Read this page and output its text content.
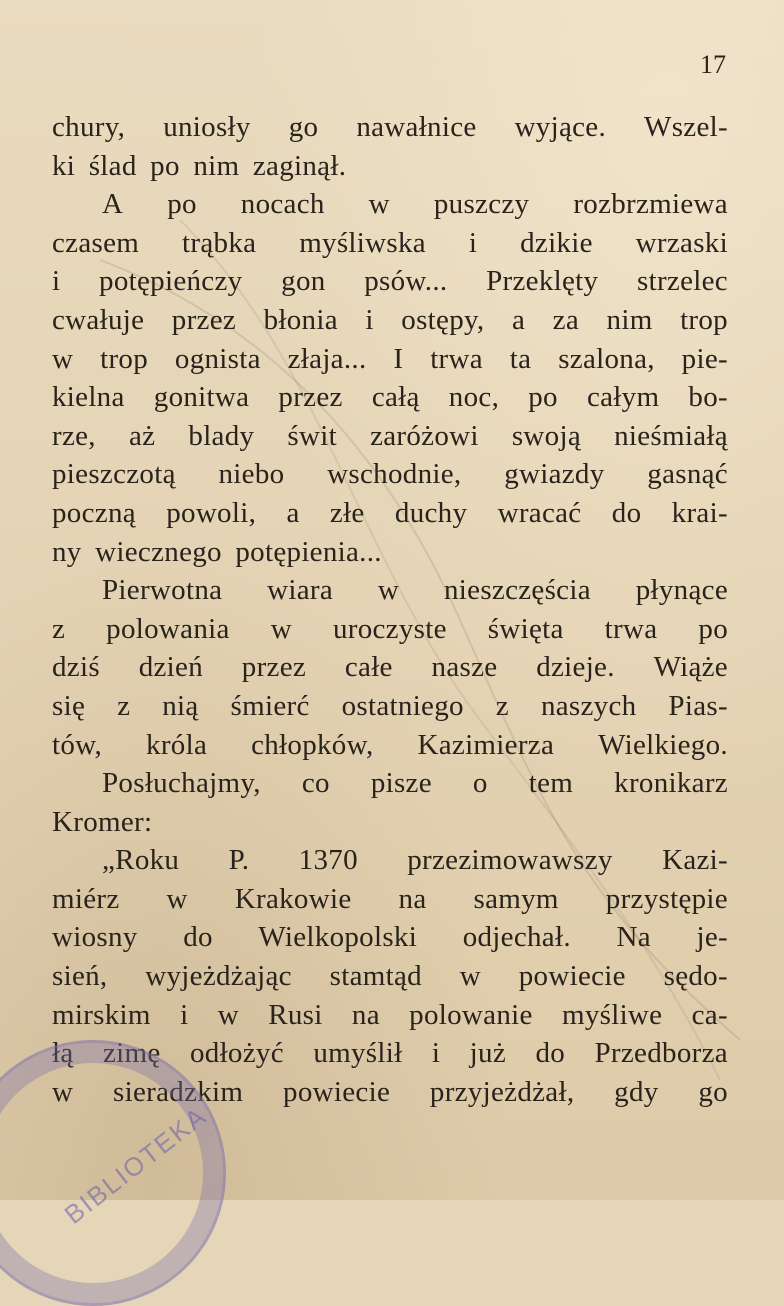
17
chury, uniosły go nawałnice wyjące. Wszel‑
ki ślad po nim zaginął.
A po nocach w puszczy rozbrzmiewa
czasem trąbka myśliwska i dzikie wrzaski
i potępieńczy gon psów... Przeklęty strzelec
cwałuje przez błonia i ostępy, a za nim trop
w trop ognista złaja... I trwa ta szalona, pie‑
kielna gonitwa przez całą noc, po całym bo‑
rze, aż blady świt zaróżowi swoją nieśmiałą
pieszczotą niebo wschodnie, gwiazdy gasnąć
poczną powoli, a złe duchy wracać do krai‑
ny wiecznego potępienia...
Pierwotna wiara w nieszczęścia płynące
z polowania w uroczyste święta trwa po
dziś dzień przez całe nasze dzieje. Wiąże
się z nią śmierć ostatniego z naszych Pias‑
tów, króla chłopków, Kazimierza Wielkiego.
Posłuchajmy, co pisze o tem kronikarz
Kromer:
„Roku P. 1370 przezimowawszy Kazi‑
miérz w Krakowie na samym przystępie
wiosny do Wielkopolski odjechał. Na je‑
sień, wyjeżdżając stamtąd w powiecie sędo‑
mirskim i w Rusi na polowanie myśliwe ca‑
łą zimę odłożyć umyślił i już do Przedborza
w sieradzkim powiecie przyjeżdżał, gdy go
BIBLIOTEKA
